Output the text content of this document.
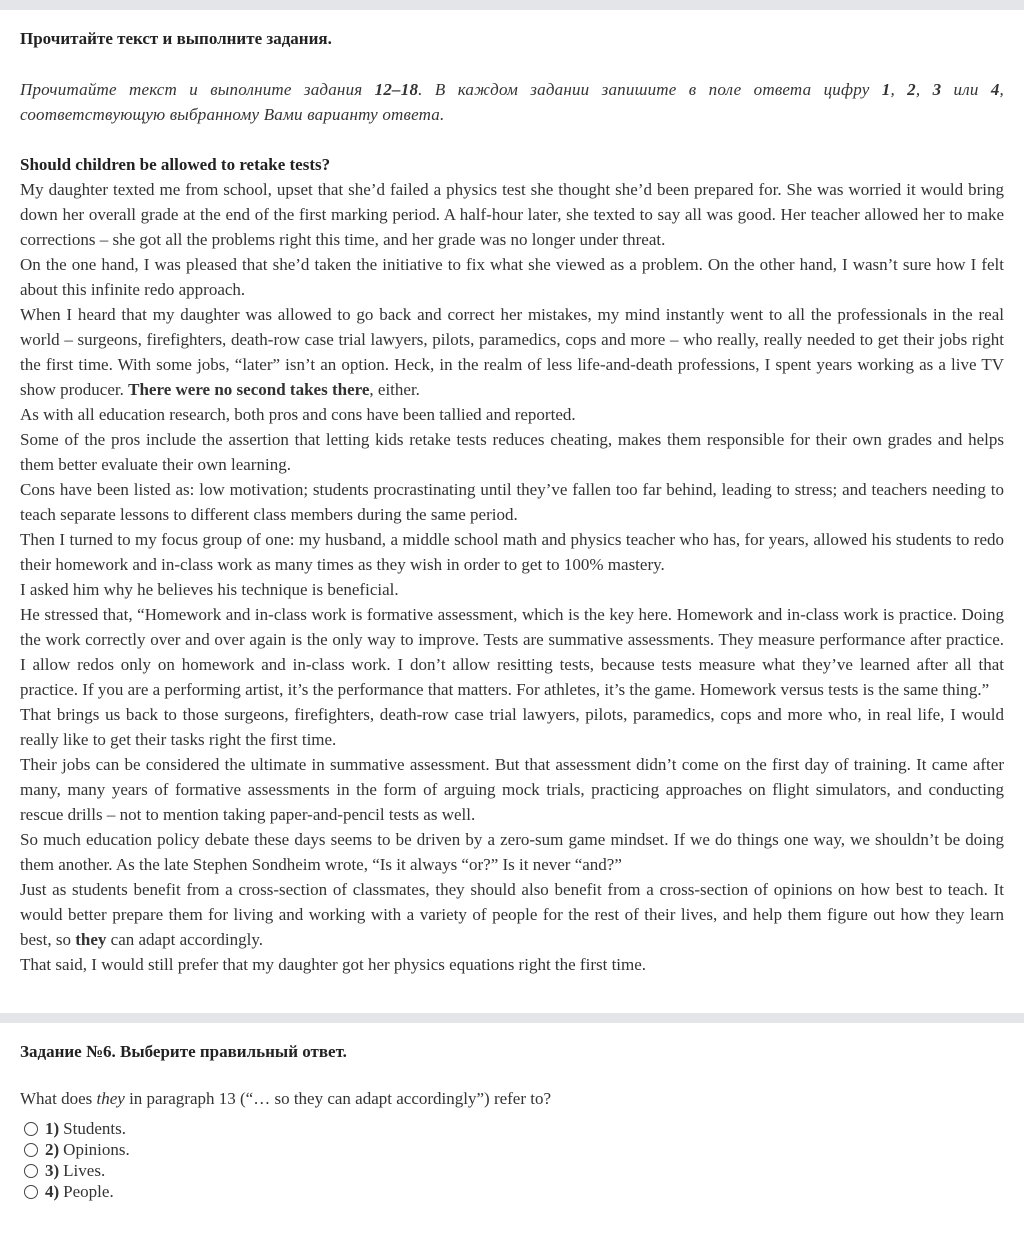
Прочитайте текст и выполните задания.

Прочитайте текст и выполните задания 12–18. В каждом задании запишите в поле ответа цифру 1, 2, 3 или 4, соответствующую выбранному Вами варианту ответа.

Should children be allowed to retake tests?

My daughter texted me from school, upset that she’d failed a physics test she thought she’d been prepared for. She was worried it would bring down her overall grade at the end of the first marking period. A half-hour later, she texted to say all was good. Her teacher allowed her to make corrections – she got all the problems right this time, and her grade was no longer under threat.

On the one hand, I was pleased that she’d taken the initiative to fix what she viewed as a problem. On the other hand, I wasn’t sure how I felt about this infinite redo approach.

When I heard that my daughter was allowed to go back and correct her mistakes, my mind instantly went to all the professionals in the real world – surgeons, firefighters, death-row case trial lawyers, pilots, paramedics, cops and more – who really, really needed to get their jobs right the first time. With some jobs, “later” isn’t an option. Heck, in the realm of less life-and-death professions, I spent years working as a live TV show producer. There were no second takes there, either.

As with all education research, both pros and cons have been tallied and reported.

Some of the pros include the assertion that letting kids retake tests reduces cheating, makes them responsible for their own grades and helps them better evaluate their own learning.

Cons have been listed as: low motivation; students procrastinating until they’ve fallen too far behind, leading to stress; and teachers needing to teach separate lessons to different class members during the same period.

Then I turned to my focus group of one: my husband, a middle school math and physics teacher who has, for years, allowed his students to redo their homework and in-class work as many times as they wish in order to get to 100% mastery.

I asked him why he believes his technique is beneficial.

He stressed that, “Homework and in-class work is formative assessment, which is the key here. Homework and in-class work is practice. Doing the work correctly over and over again is the only way to improve. Tests are summative assessments. They measure performance after practice. I allow redos only on homework and in-class work. I don’t allow resitting tests, because tests measure what they’ve learned after all that practice. If you are a performing artist, it’s the performance that matters. For athletes, it’s the game. Homework versus tests is the same thing.”

That brings us back to those surgeons, firefighters, death-row case trial lawyers, pilots, paramedics, cops and more who, in real life, I would really like to get their tasks right the first time.

Their jobs can be considered the ultimate in summative assessment. But that assessment didn’t come on the first day of training. It came after many, many years of formative assessments in the form of arguing mock trials, practicing approaches on flight simulators, and conducting rescue drills – not to mention taking paper-and-pencil tests as well.

So much education policy debate these days seems to be driven by a zero-sum game mindset. If we do things one way, we shouldn’t be doing them another. As the late Stephen Sondheim wrote, “Is it always “or?” Is it never “and?”

Just as students benefit from a cross-section of classmates, they should also benefit from a cross-section of opinions on how best to teach. It would better prepare them for living and working with a variety of people for the rest of their lives, and help them figure out how they learn best, so they can adapt accordingly.

That said, I would still prefer that my daughter got her physics equations right the first time.

Задание №6. Выберите правильный ответ.

What does they in paragraph 13 (“… so they can adapt accordingly”) refer to?

1) Students.
2) Opinions.
3) Lives.
4) People.
